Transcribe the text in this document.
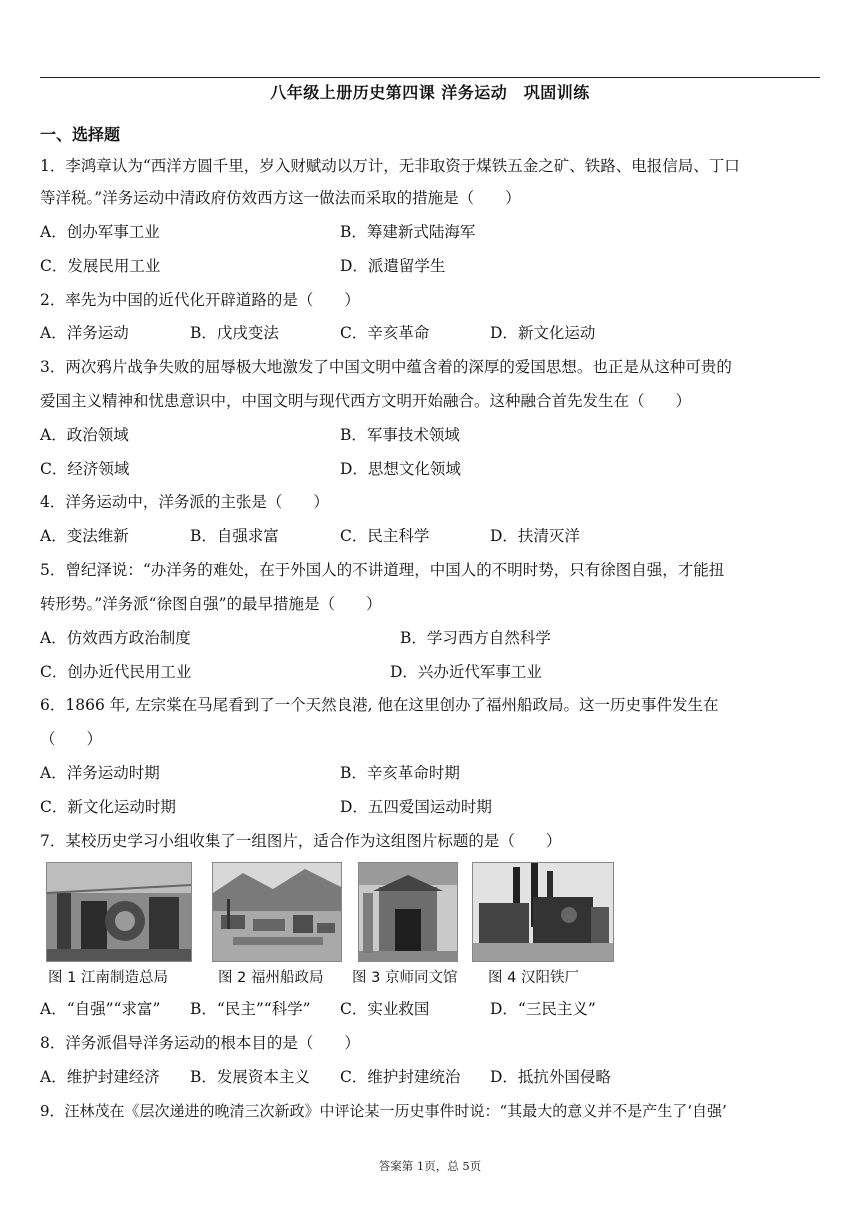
八年级上册历史第四课 洋务运动　巩固训练
一、选择题
1．李鸿章认为“西洋方圆千里，岁入财赋动以万计，无非取资于煤铁五金之矿、铁路、电报信局、丁口
等洋税。”洋务运动中清政府仿效西方这一做法而采取的措施是（　　）
A．创办军事工业	B．筹建新式陆海军
C．发展民用工业	D．派遣留学生
2．率先为中国的近代化开辟道路的是（　　）
A．洋务运动	B．戊戌变法	C．辛亥革命	D．新文化运动
3．两次鸦片战争失败的屈辱极大地激发了中国文明中蕴含着的深厚的爱国思想。也正是从这种可贵的
爱国主义精神和忧患意识中，中国文明与现代西方文明开始融合。这种融合首先发生在（　　）
A．政治领域	B．军事技术领域
C．经济领域	D．思想文化领域
4．洋务运动中，洋务派的主张是（　　）
A．变法维新	B．自强求富	C．民主科学	D．扶清灭洋
5．曾纪泽说：“办洋务的难处，在于外国人的不讲道理，中国人的不明时势，只有徐图自强，才能扭
转形势。”洋务派“徐图自强”的最早措施是（　　）
A．仿效西方政治制度	B．学习西方自然科学
C．创办近代民用工业	D．兴办近代军事工业
6．1866 年, 左宗棠在马尾看到了一个天然良港, 他在这里创办了福州船政局。这一历史事件发生在
（　　）
A．洋务运动时期	B．辛亥革命时期
C．新文化运动时期	D．五四爱国运动时期
7．某校历史学习小组收集了一组图片，适合作为这组图片标题的是（　　）
图 1 江南制造总局	图 2 福州船政局 图 3 京师同文馆 图 4 汉阳铁厂
A．“自强”“求富” B．“民主”“科学” C．实业救国	D．“三民主义”
8．洋务派倡导洋务运动的根本目的是（　　）
A．维护封建经济 B．发展资本主义 C．维护封建统治 D．抵抗外国侵略
9．汪林茂在《层次递进的晚清三次新政》中评论某一历史事件时说：“其最大的意义并不是产生了‘自强’
答案第 1页，总 5页
